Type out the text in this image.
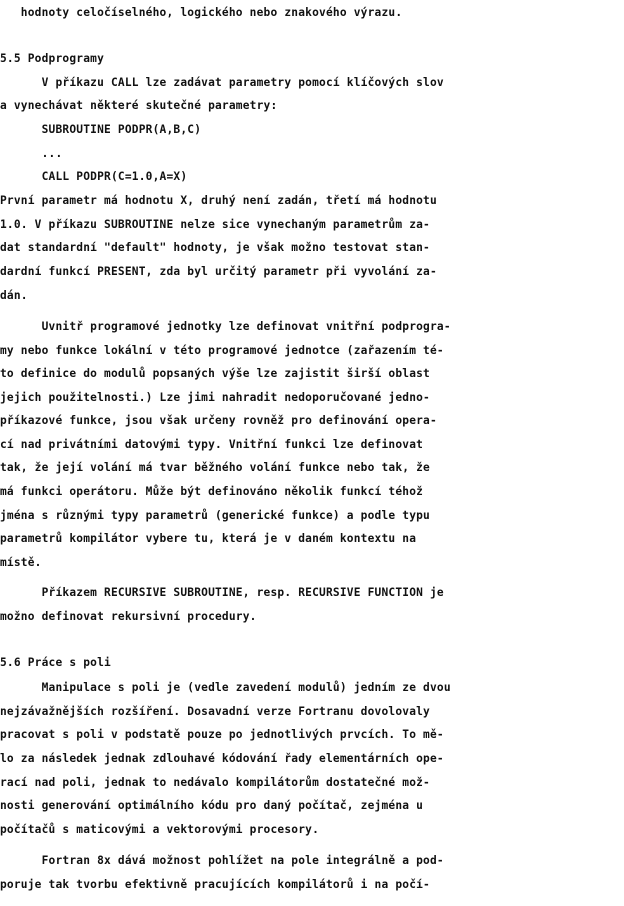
hodnoty celočíselného, logického nebo znakového výrazu.
5.5 Podprogramy
V příkazu CALL lze zadávat parametry pomocí klíčových slov
a vynechávat některé skutečné parametry:
SUBROUTINE PODPR(A,B,C)
...
CALL PODPR(C=1.0,A=X)
První parametr má hodnotu X, druhý není zadán, třetí má hodnotu
1.0. V příkazu SUBROUTINE nelze sice vynechaným parametrům za-
dat standardní "default" hodnoty, je však možno testovat stan-
dardní funkcí PRESENT, zda byl určitý parametr při vyvolání za-
dán.
Uvnitř programové jednotky lze definovat vnitřní podprogra-
my nebo funkce lokální v této programové jednotce (zařazením té-
to definice do modulů popsaných výše lze zajistit širší oblast
jejich použitelnosti.) Lze jimi nahradit nedoporučované jedno-
příkazové funkce, jsou však určeny rovněž pro definování opera-
cí nad privátními datovými typy. Vnitřní funkci lze definovat
tak, že její volání má tvar běžného volání funkce nebo tak, že
má funkci operátoru. Může být definováno několik funkcí téhož
jména s různými typy parametrů (generické funkce) a podle typu
parametrů kompilátor vybere tu, která je v daném kontextu na
místě.
Příkazem RECURSIVE SUBROUTINE, resp. RECURSIVE FUNCTION je
možno definovat rekursivní procedury.
5.6 Práce s poli
Manipulace s poli je (vedle zavedení modulů) jedním ze dvou
nejzávažnějších rozšíření. Dosavadní verze Fortranu dovolovaly
pracovat s poli v podstatě pouze po jednotlivých prvcích. To mě-
lo za následek jednak zdlouhavé kódování řady elementárních ope-
rací nad poli, jednak to nedávalo kompilátorům dostatečné mož-
nosti generování optimálního kódu pro daný počítač, zejména u
počítačů s maticovými a vektorovými procesory.
Fortran 8x dává možnost pohlížet na pole integrálně a pod-
poruje tak tvorbu efektivně pracujících kompilátorů i na počí-
